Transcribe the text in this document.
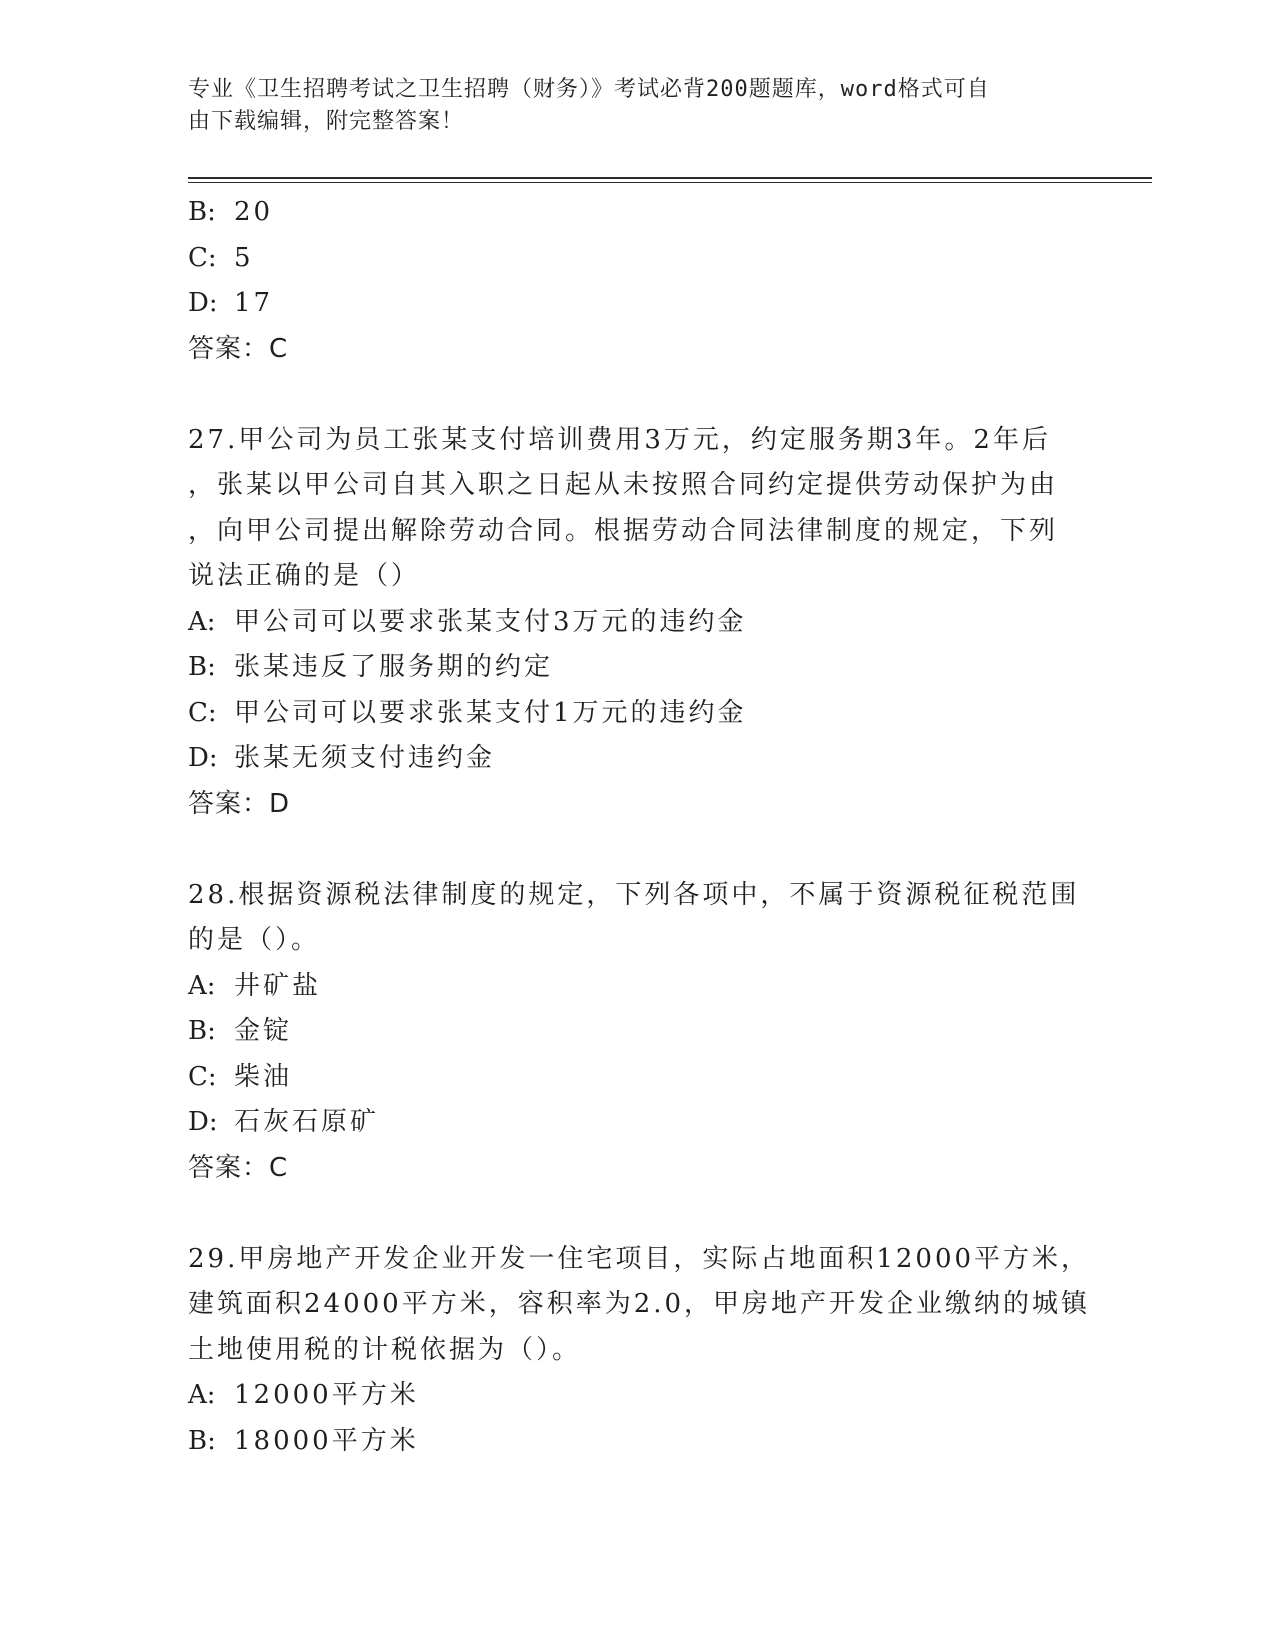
专业《卫生招聘考试之卫生招聘（财务）》考试必背200题题库，word格式可自
由下载编辑，附完整答案！
B: 20
C: 5
D: 17
答案：C
27.甲公司为员工张某支付培训费用3万元，约定服务期3年。2年后
，张某以甲公司自其入职之日起从未按照合同约定提供劳动保护为由
，向甲公司提出解除劳动合同。根据劳动合同法律制度的规定，下列
说法正确的是（）
A: 甲公司可以要求张某支付3万元的违约金
B: 张某违反了服务期的约定
C: 甲公司可以要求张某支付1万元的违约金
D: 张某无须支付违约金
答案：D
28.根据资源税法律制度的规定，下列各项中，不属于资源税征税范围
的是（）。
A: 井矿盐
B: 金锭
C: 柴油
D: 石灰石原矿
答案：C
29.甲房地产开发企业开发一住宅项目，实际占地面积12000平方米，
建筑面积24000平方米，容积率为2.0，甲房地产开发企业缴纳的城镇
土地使用税的计税依据为（）。
A: 12000平方米
B: 18000平方米
